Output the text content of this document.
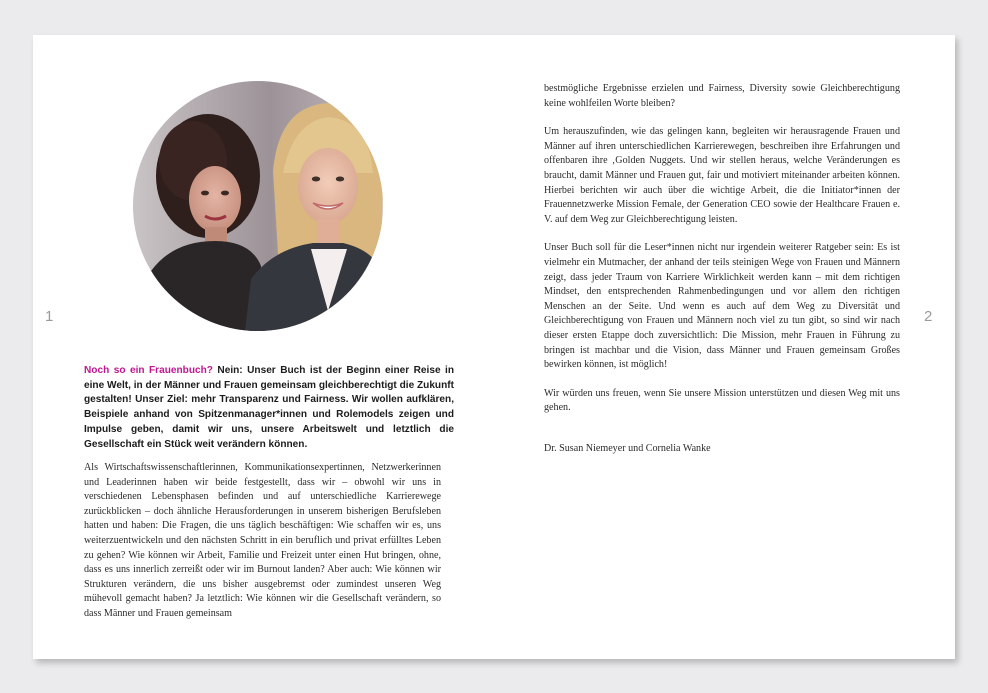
1	2
Noch so ein Frauenbuch? Nein: Unser Buch ist der Beginn einer Reise in eine Welt, in der Männer und Frauen gemeinsam gleichberechtigt die Zukunft gestalten! Unser Ziel: mehr Transparenz und Fairness. Wir wollen aufklären, Beispiele anhand von Spitzenmanager*innen und Rolemodels zeigen und Impulse geben, damit wir uns, unsere Arbeitswelt und letztlich die Gesellschaft ein Stück weit verändern können.

Als Wirtschaftswissenschaftlerinnen, Kommunikationsexpertinnen, Netzwerkerinnen und Leaderinnen haben wir beide festgestellt, dass wir – obwohl wir uns in verschiedenen Lebensphasen befinden und auf unterschiedliche Karrierewege zurückblicken – doch ähnliche Herausforderungen in unserem bisherigen Berufsleben hatten und haben: Die Fragen, die uns täglich beschäftigen: Wie schaffen wir es, uns weiterzuentwickeln und den nächsten Schritt in ein beruflich und privat erfülltes Leben zu gehen? Wie können wir Arbeit, Familie und Freizeit unter einen Hut bringen, ohne, dass es uns innerlich zerreißt oder wir im Burnout landen? Aber auch: Wie können wir Strukturen verändern, die uns bisher ausgebremst oder zumindest unseren Weg mühevoll gemacht haben? Ja letztlich: Wie können wir die Gesellschaft verändern, so dass Männer und Frauen gemeinsam

bestmögliche Ergebnisse erzielen und Fairness, Diversity sowie Gleichberechtigung keine wohlfeilen Worte bleiben?

Um herauszufinden, wie das gelingen kann, begleiten wir herausragende Frauen und Männer auf ihren unterschiedlichen Karrierewegen, beschreiben ihre Erfahrungen und offenbaren ihre ‚Golden Nuggets. Und wir stellen heraus, welche Veränderungen es braucht, damit Männer und Frauen gut, fair und motiviert miteinander arbeiten können. Hierbei berichten wir auch über die wichtige Arbeit, die die Initiator*innen der Frauennetzwerke Mission Female, der Generation CEO sowie der Healthcare Frauen e. V. auf dem Weg zur Gleichberechtigung leisten.

Unser Buch soll für die Leser*innen nicht nur irgendein weiterer Ratgeber sein: Es ist vielmehr ein Mutmacher, der anhand der teils steinigen Wege von Frauen und Männern zeigt, dass jeder Traum von Karriere Wirklichkeit werden kann – mit dem richtigen Mindset, den entsprechenden Rahmenbedingungen und vor allem den richtigen Menschen an der Seite. Und wenn es auch auf dem Weg zu Diversität und Gleichberechtigung von Frauen und Männern noch viel zu tun gibt, so sind wir nach dieser ersten Etappe doch zuversichtlich: Die Mission, mehr Frauen in Führung zu bringen ist machbar und die Vision, dass Männer und Frauen gemeinsam Großes bewirken können, ist möglich!

Wir würden uns freuen, wenn Sie unsere Mission unterstützen und diesen Weg mit uns gehen.

Dr. Susan Niemeyer und Cornelia Wanke
